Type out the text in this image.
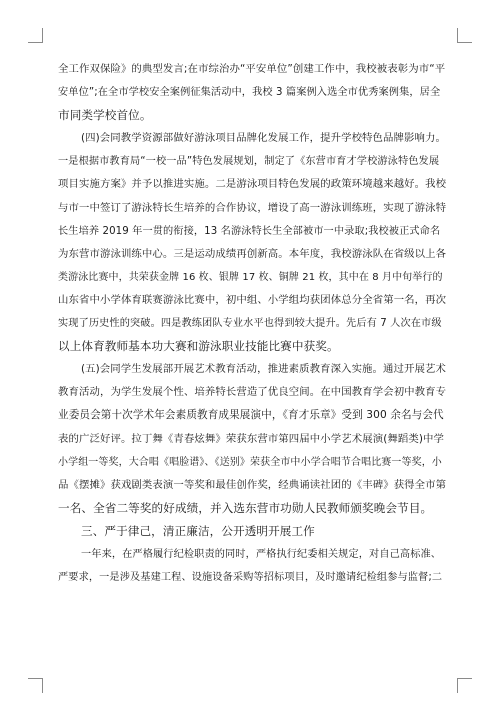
全工作双保险》的典型发言;在市综治办“平安单位”创建工作中，我校被表彰为市“平
安单位”;在全市学校安全案例征集活动中，我校 3 篇案例入选全市优秀案例集，居全
市同类学校首位。
(四)会同教学资源部做好游泳项目品牌化发展工作，提升学校特色品牌影响力。
一是根据市教育局“一校一品”特色发展规划，制定了《东营市育才学校游泳特色发展
项目实施方案》并予以推进实施。二是游泳项目特色发展的政策环境越来越好。我校
与市一中签订了游泳特长生培养的合作协议，增设了高一游泳训练班，实现了游泳特
长生培养 2019 年一贯的衔接，13 名游泳特长生全部被市一中录取;我校被正式命名
为东营市游泳训练中心。三是运动成绩再创新高。本年度，我校游泳队在省级以上各
类游泳比赛中，共荣获金牌 16 枚、银牌 17 枚、铜牌 21 枚，其中在 8 月中旬举行的
山东省中小学体育联赛游泳比赛中，初中组、小学组均获团体总分全省第一名，再次
实现了历史性的突破。四是教练团队专业水平也得到较大提升。先后有 7 人次在市级
以上体育教师基本功大赛和游泳职业技能比赛中获奖。
(五)会同学生发展部开展艺术教育活动，推进素质教育深入实施。通过开展艺术
教育活动，为学生发展个性、培养特长营造了优良空间。在中国教育学会初中教育专
业委员会第十次学术年会素质教育成果展演中，《育才乐章》受到 300 余名与会代
表的广泛好评。拉丁舞《青春炫舞》荣获东营市第四届中小学艺术展演(舞蹈类)中学
小学组一等奖，大合唱《唱脸谱》、《送别》荣获全市中小学合唱节合唱比赛一等奖，小
品《摆摊》获戏剧类表演一等奖和最佳创作奖，经典诵读社团的《丰碑》获得全市第
一名、全省二等奖的好成绩，并入选东营市功勋人民教师颁奖晚会节目。
三、严于律己，清正廉洁，公开透明开展工作
一年来，在严格履行纪检职责的同时，严格执行纪委相关规定，对自己高标准、
严要求，一是涉及基建工程、设施设备采购等招标项目，及时邀请纪检组参与监督;二
